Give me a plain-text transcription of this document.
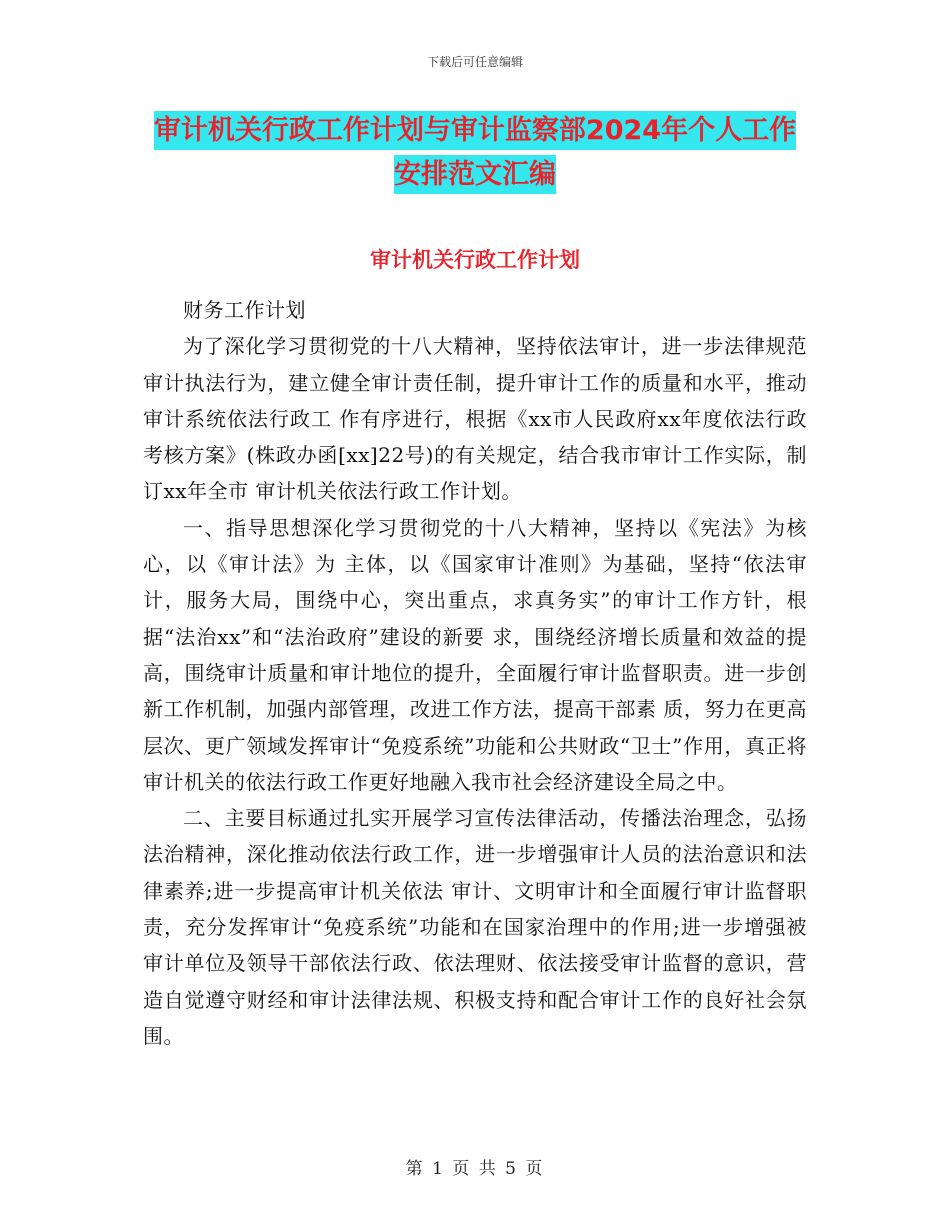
下载后可任意编辑
审计机关行政工作计划与审计监察部2024年个人工作安排范文汇编
审计机关行政工作计划

财务工作计划

为了深化学习贯彻党的十八大精神，坚持依法审计，进一步法律规范审计执法行为，建立健全审计责任制，提升审计工作的质量和水平，推动审计系统依法行政工 作有序进行，根据《xx市人民政府xx年度依法行政考核方案》(株政办函[xx]22号)的有关规定，结合我市审计工作实际，制订xx年全市 审计机关依法行政工作计划。

一、指导思想深化学习贯彻党的十八大精神，坚持以《宪法》为核心，以《审计法》为 主体，以《国家审计准则》为基础，坚持“依法审计，服务大局，围绕中心，突出重点，求真务实”的审计工作方针，根据“法治xx”和“法治政府”建设的新要 求，围绕经济增长质量和效益的提高，围绕审计质量和审计地位的提升，全面履行审计监督职责。进一步创新工作机制，加强内部管理，改进工作方法，提高干部素 质，努力在更高层次、更广领域发挥审计“免疫系统”功能和公共财政“卫士”作用，真正将审计机关的依法行政工作更好地融入我市社会经济建设全局之中。

二、主要目标通过扎实开展学习宣传法律活动，传播法治理念，弘扬法治精神，深化推动依法行政工作，进一步增强审计人员的法治意识和法律素养;进一步提高审计机关依法 审计、文明审计和全面履行审计监督职责，充分发挥审计“免疫系统”功能和在国家治理中的作用;进一步增强被审计单位及领导干部依法行政、依法理财、依法接受审计监督的意识，营造自觉遵守财经和审计法律法规、积极支持和配合审计工作的良好社会氛围。

第 1 页 共 5 页
